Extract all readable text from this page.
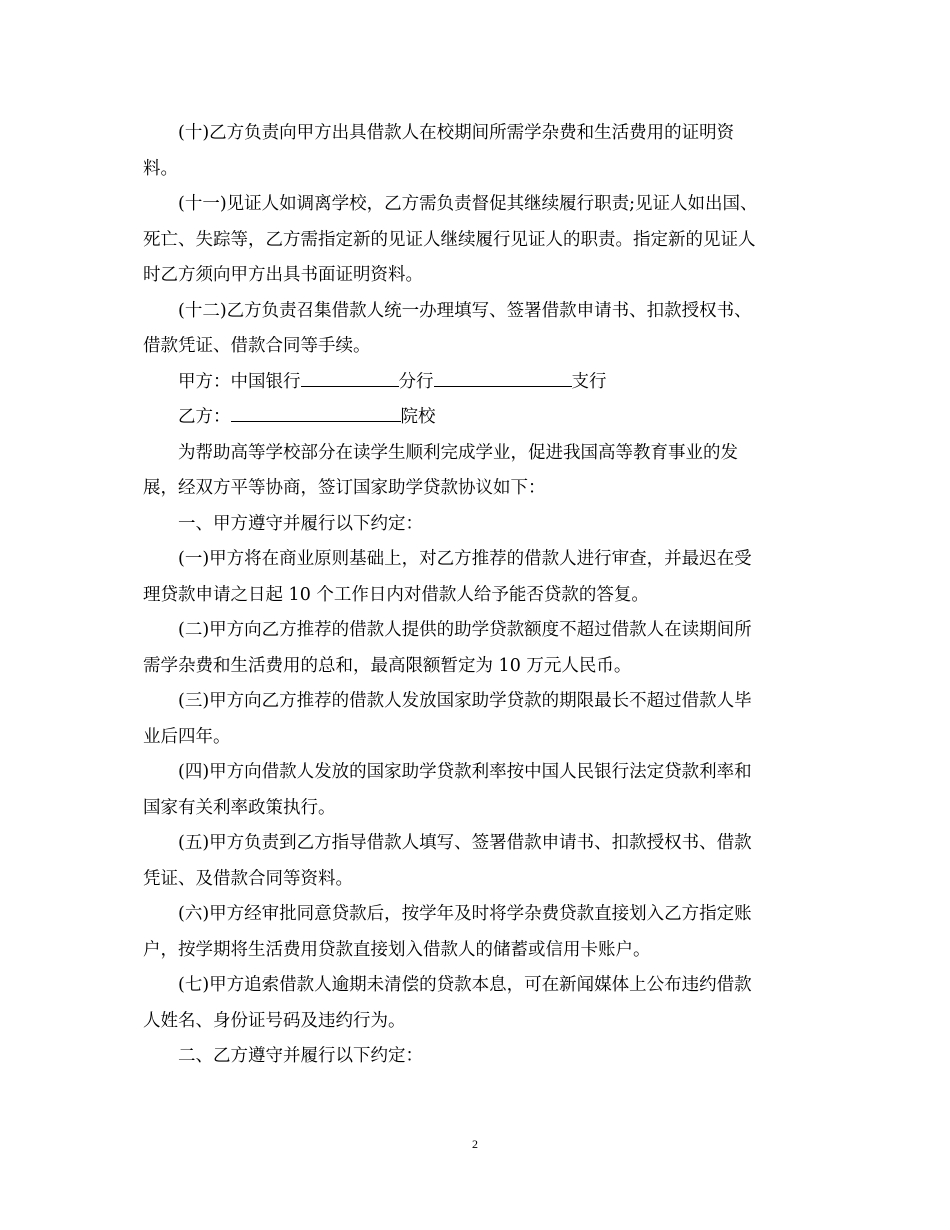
(十)乙方负责向甲方出具借款人在校期间所需学杂费和生活费用的证明资
料。
(十一)见证人如调离学校，乙方需负责督促其继续履行职责;见证人如出国、
死亡、失踪等，乙方需指定新的见证人继续履行见证人的职责。指定新的见证人
时乙方须向甲方出具书面证明资料。
(十二)乙方负责召集借款人统一办理填写、签署借款申请书、扣款授权书、
借款凭证、借款合同等手续。
甲方：中国银行	分行	支行
乙方：	院校
为帮助高等学校部分在读学生顺利完成学业，促进我国高等教育事业的发
展，经双方平等协商，签订国家助学贷款协议如下：
一、甲方遵守并履行以下约定：
(一)甲方将在商业原则基础上，对乙方推荐的借款人进行审查，并最迟在受
理贷款申请之日起 10 个工作日内对借款人给予能否贷款的答复。
(二)甲方向乙方推荐的借款人提供的助学贷款额度不超过借款人在读期间所
需学杂费和生活费用的总和，最高限额暂定为 10 万元人民币。
(三)甲方向乙方推荐的借款人发放国家助学贷款的期限最长不超过借款人毕
业后四年。
(四)甲方向借款人发放的国家助学贷款利率按中国人民银行法定贷款利率和
国家有关利率政策执行。
(五)甲方负责到乙方指导借款人填写、签署借款申请书、扣款授权书、借款
凭证、及借款合同等资料。
(六)甲方经审批同意贷款后，按学年及时将学杂费贷款直接划入乙方指定账
户，按学期将生活费用贷款直接划入借款人的储蓄或信用卡账户。
(七)甲方追索借款人逾期未清偿的贷款本息，可在新闻媒体上公布违约借款
人姓名、身份证号码及违约行为。
二、乙方遵守并履行以下约定：
2
